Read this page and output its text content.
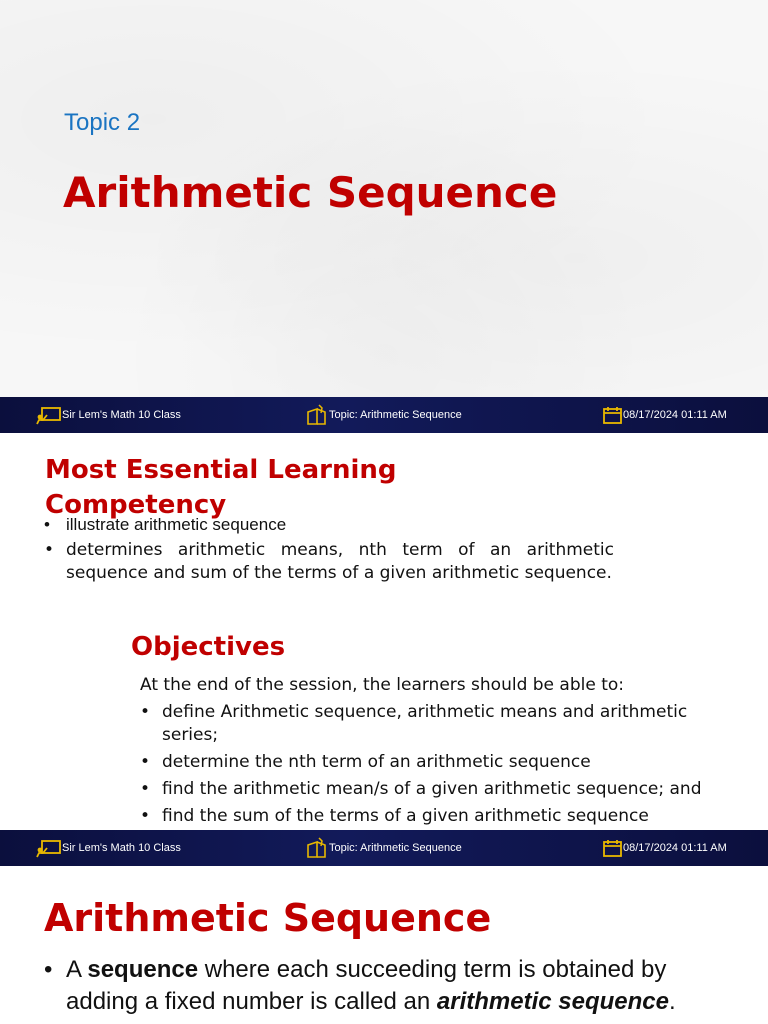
Topic 2
Arithmetic Sequence
Sir Lem's Math 10 Class	Topic: Arithmetic Sequence	08/17/2024 01:11 AM
Most Essential Learning Competency
• illustrate arithmetic sequence
• determines arithmetic means, nth term of an arithmetic sequence and sum of the terms of a given arithmetic sequence.
Objectives
At the end of the session, the learners should be able to:
• define Arithmetic sequence, arithmetic means and arithmetic series;
• determine the nth term of an arithmetic sequence
• find the arithmetic mean/s of a given arithmetic sequence; and
• find the sum of the terms of a given arithmetic sequence
Sir Lem's Math 10 Class	Topic: Arithmetic Sequence	08/17/2024 01:11 AM
Arithmetic Sequence
• A sequence where each succeeding term is obtained by adding a fixed number is called an arithmetic sequence.
